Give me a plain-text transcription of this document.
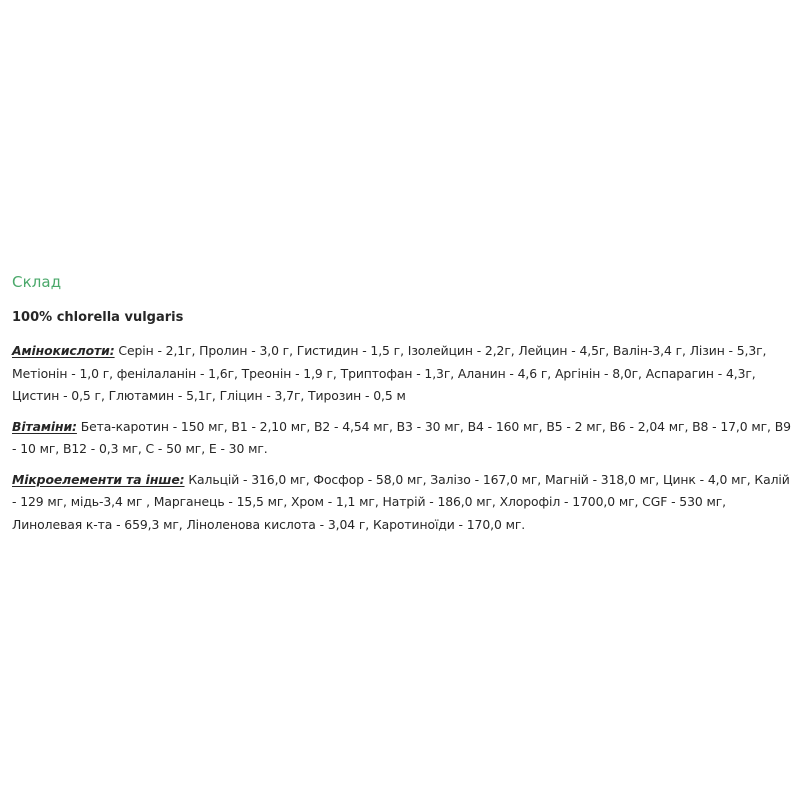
Склад
100% chlorella vulgaris

Амінокислоти: Серін - 2,1г, Пролин - 3,0 г, Гистидин - 1,5 г, Ізолейцин - 2,2г, Лейцин - 4,5г, Валін-3,4 г, Лізин - 5,3г, Метіонін - 1,0 г, фенілаланін - 1,6г, Треонін - 1,9 г, Триптофан - 1,3г, Аланин - 4,6 г, Аргінін - 8,0г, Аспарагин - 4,3г, Цистин - 0,5 г, Глютамин - 5,1г, Гліцин - 3,7г, Тирозин - 0,5 м

Вітаміни: Бета-каротин - 150 мг, B1 - 2,10 мг, B2 - 4,54 мг, B3 - 30 мг, B4 - 160 мг, B5 - 2 мг, B6 - 2,04 мг, B8 - 17,0 мг, B9 - 10 мг, B12 - 0,3 мг, C - 50 мг, E - 30 мг.

Мікроелементи та інше: Кальцій - 316,0 мг, Фосфор - 58,0 мг, Залізо - 167,0 мг, Магній - 318,0 мг, Цинк - 4,0 мг, Калій - 129 мг, мідь-3,4 мг , Марганець - 15,5 мг, Хром - 1,1 мг, Натрій - 186,0 мг, Хлорофіл - 1700,0 мг, CGF - 530 мг, Линолевая к-та - 659,3 мг, Ліноленова кислота - 3,04 г, Каротиноїди - 170,0 мг.
